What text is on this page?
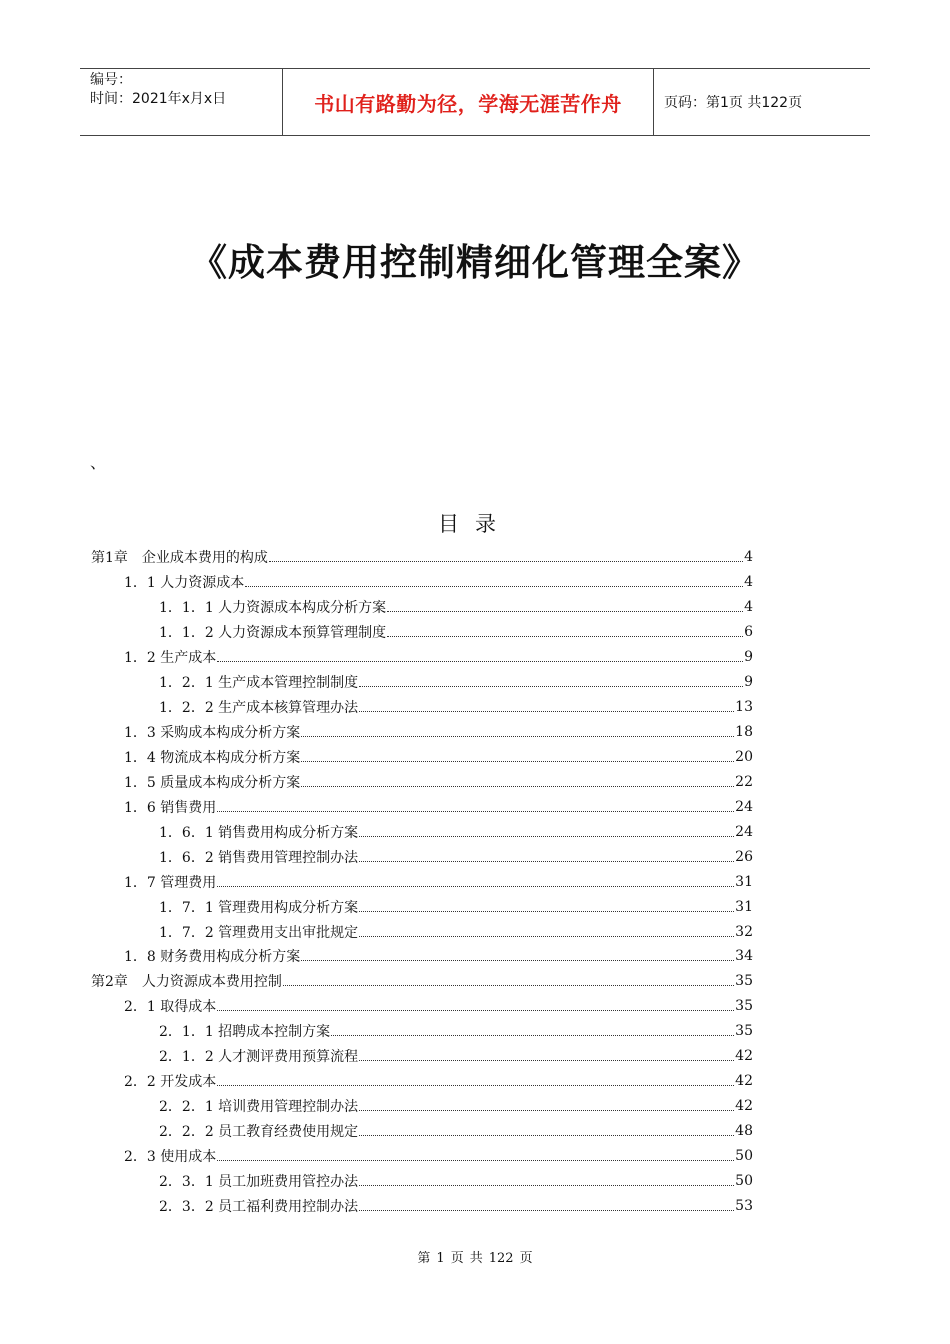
编号：
时间：2021年x月x日	书山有路勤为径，学海无涯苦作舟	页码：第1页 共122页
《成本费用控制精细化管理全案》
、
目录
第1章　企业成本费用的构成	4
1．1 人力资源成本	4
1．1．1 人力资源成本构成分析方案	4
1．1．2 人力资源成本预算管理制度	6
1．2 生产成本	9
1．2．1 生产成本管理控制制度	9
1．2．2 生产成本核算管理办法	13
1．3 采购成本构成分析方案	18
1．4 物流成本构成分析方案	20
1．5 质量成本构成分析方案	22
1．6 销售费用	24
1．6．1 销售费用构成分析方案	24
1．6．2 销售费用管理控制办法	26
1．7 管理费用	31
1．7．1 管理费用构成分析方案	31
1．7．2 管理费用支出审批规定	32
1．8 财务费用构成分析方案	34
第2章　人力资源成本费用控制	35
2．1 取得成本	35
2．1．1 招聘成本控制方案	35
2．1．2 人才测评费用预算流程	42
2．2 开发成本	42
2．2．1 培训费用管理控制办法	42
2．2．2 员工教育经费使用规定	48
2．3 使用成本	50
2．3．1 员工加班费用管控办法	50
2．3．2 员工福利费用控制办法	53
第 1 页 共 122 页
